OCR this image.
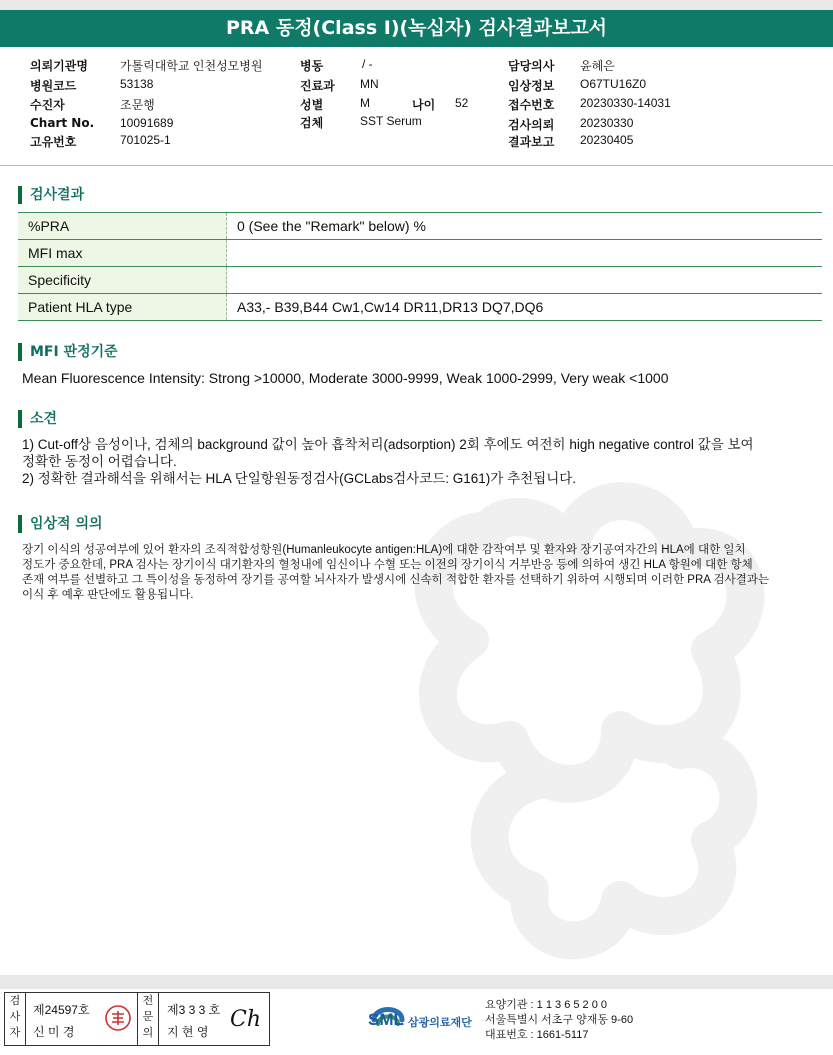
PRA 동정(Class I)(녹십자) 검사결과보고서
의뢰기관명	가톨릭대학교 인천성모병원
병원코드	53138
수진자	조문행
Chart No. 10091689
고유번호	701025-1
병동	/ -
진료과 MN
성별	M	나이 52
검체	SST Serum
담당의사 윤혜은
임상정보 O67TU16Z0
접수번호 20230330-14031
검사의뢰 20230330
결과보고 20230405
검사결과
%PRA	0 (See the "Remark" below) %
MFI max	
Specificity	
Patient HLA type	A33,- B39,B44 Cw1,Cw14 DR11,DR13 DQ7,DQ6
MFI 판정기준
Mean Fluorescence Intensity: Strong >10000, Moderate 3000-9999, Weak 1000-2999, Very weak <1000
소견
1) Cut-off상 음성이나, 검체의 background 값이 높아 흡착처리(adsorption) 2회 후에도 여전히 high negative control 값을 보여
정확한 동정이 어렵습니다.
2) 정확한 결과해석을 위해서는 HLA 단일항원동정검사(GCLabs검사코드: G161)가 추천됩니다.
임상적 의의
장기 이식의 성공여부에 있어 환자의 조직적합성항원(Humanleukocyte antigen:HLA)에 대한 감작여부 및 환자와 장기공여자간의 HLA에 대한 일치
정도가 중요한데, PRA 검사는 장기이식 대기환자의 혈청내에 임신이나 수혈 또는 이전의 장기이식 거부반응 등에 의하여 생긴 HLA 항원에 대한 항체
존재 여부를 선별하고 그 특이성을 동정하여 장기를 공여할 뇌사자가 발생시에 신속히 적합한 환자를 선택하기 위하여 시행되며 이러한 PRA 검사결과는
이식 후 예후 판단에도 활용됩니다.
검
사
자
제24597호
신 미 경
전
문
의
제3 3 3 호
지 현 영 Ch	SML 삼광의료재단
요양기관 : 1 1 3 6 5 2 0 0
서울특별시 서초구 양재동 9-60
대표번호 : 1661-5117
